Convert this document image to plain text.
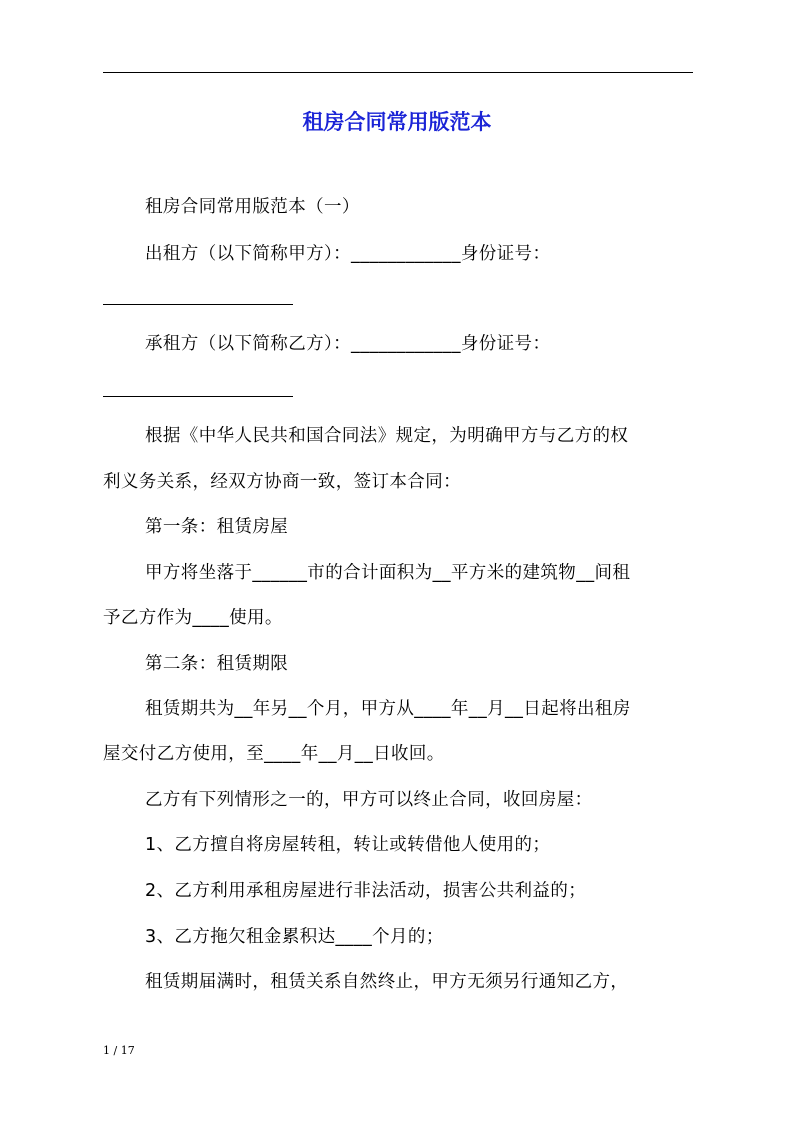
租房合同常用版范本
租房合同常用版范本（一）
出租方（以下简称甲方）：____________身份证号：
承租方（以下简称乙方）：____________身份证号：
根据《中华人民共和国合同法》规定，为明确甲方与乙方的权
利义务关系，经双方协商一致，签订本合同：
第一条：租赁房屋
甲方将坐落于______市的合计面积为__平方米的建筑物__间租
予乙方作为____使用。
第二条：租赁期限
租赁期共为__年另__个月，甲方从____年__月__日起将出租房
屋交付乙方使用，至____年__月__日收回。
乙方有下列情形之一的，甲方可以终止合同，收回房屋：
1、乙方擅自将房屋转租，转让或转借他人使用的；
2、乙方利用承租房屋进行非法活动，损害公共利益的；
3、乙方拖欠租金累积达____个月的；
租赁期届满时，租赁关系自然终止，甲方无须另行通知乙方，
1 / 17
